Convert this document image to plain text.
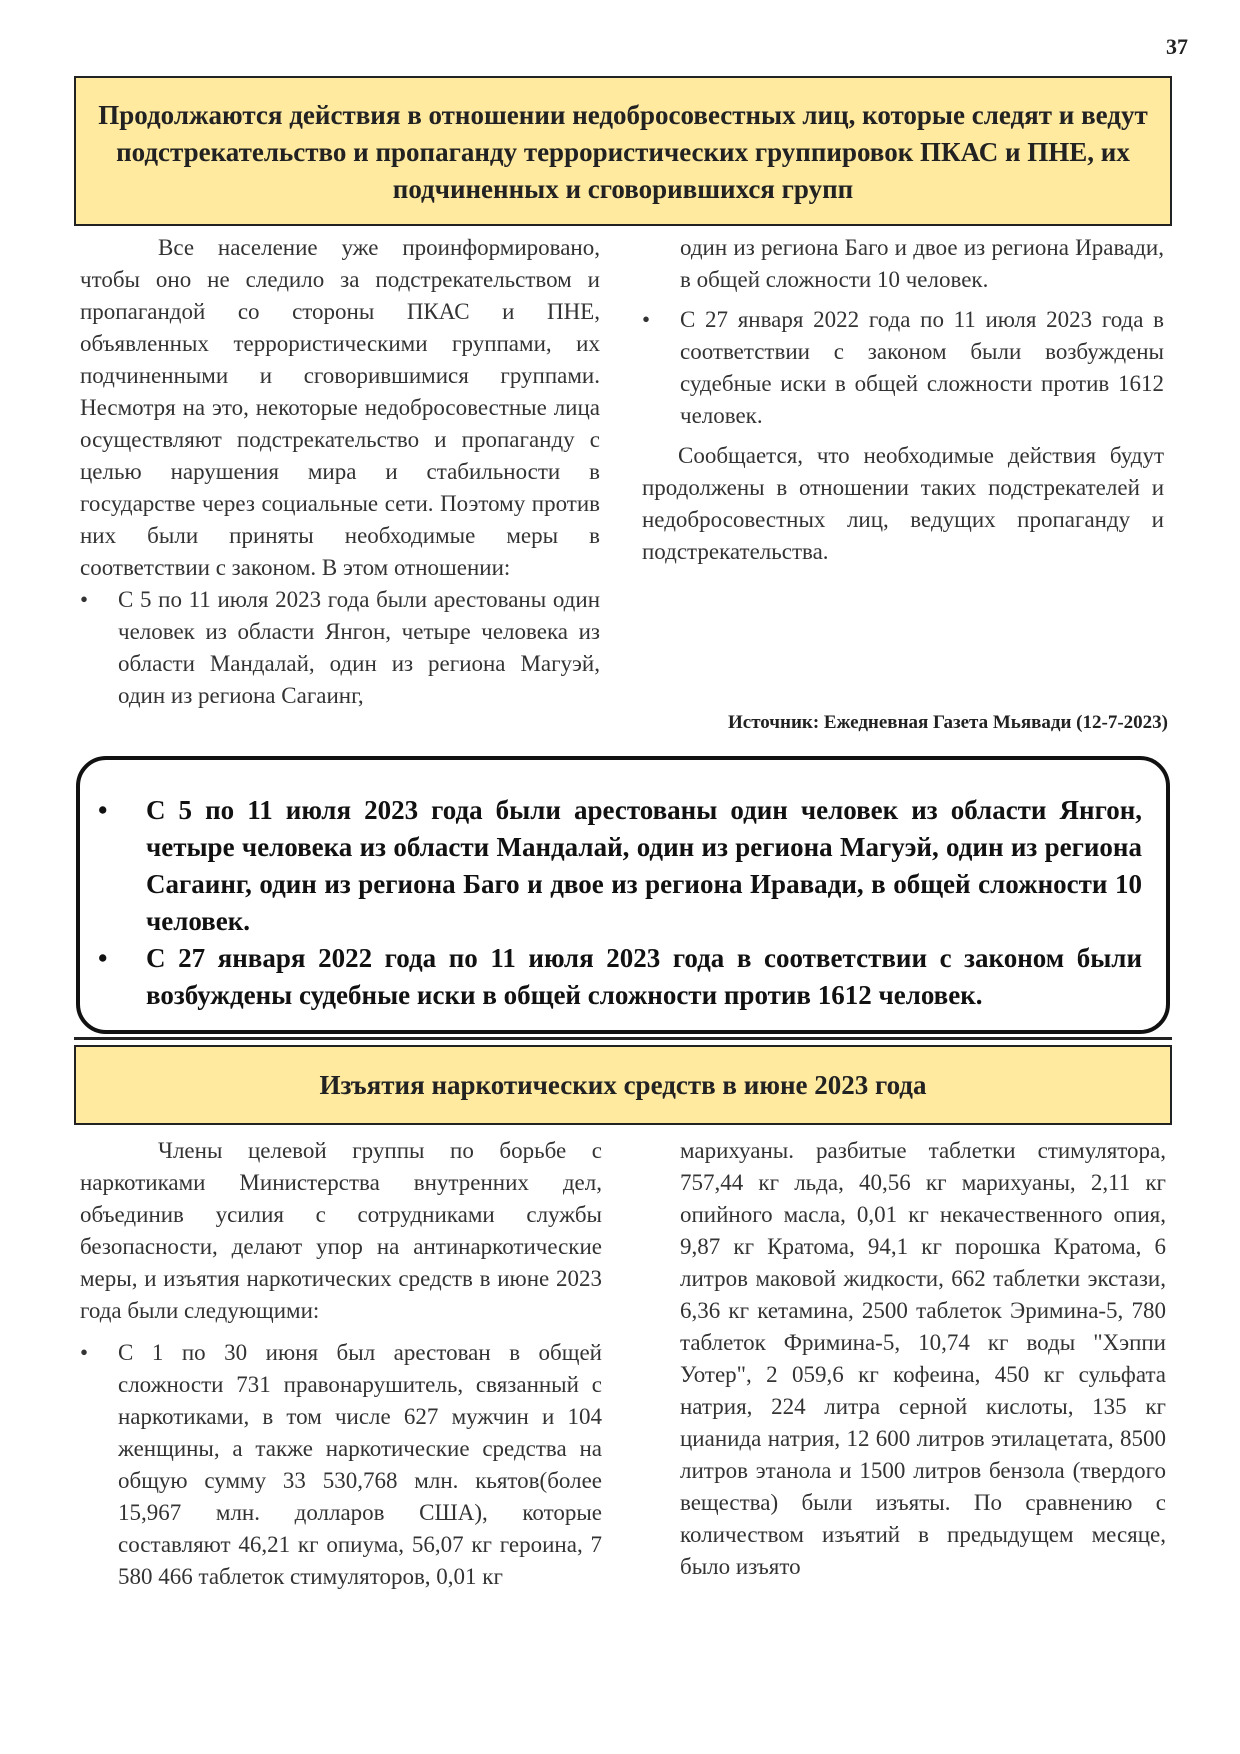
37
Продолжаются действия в отношении недобросовестных лиц, которые следят и ведут подстрекательство и пропаганду террористических группировок ПКАС и ПНЕ, их подчиненных и сговорившихся групп

Все население уже проинформировано, чтобы оно не следило за подстрекательством и пропагандой со стороны ПКАС и ПНЕ, объявленных террористическими группами, их подчиненными и сговорившимися группами. Несмотря на это, некоторые недобросовестные лица осуществляют подстрекательство и пропаганду с целью нарушения мира и стабильности в государстве через социальные сети. Поэтому против них были приняты необходимые меры в соответствии с законом. В этом отношении:

• С 5 по 11 июля 2023 года были арестованы один человек из области Янгон, четыре человека из области Мандалай, один из региона Магуэй, один из региона Сагаинг,

один из региона Баго и двое из региона Иравади, в общей сложности 10 человек.

• С 27 января 2022 года по 11 июля 2023 года в соответствии с законом были возбуждены судебные иски в общей сложности против 1612 человек.

Сообщается, что необходимые действия будут продолжены в отношении таких подстрекателей и недобросовестных лиц, ведущих пропаганду и подстрекательства.

Источник: Ежедневная Газета Мьявади (12-7-2023)

• С 5 по 11 июля 2023 года были арестованы один человек из области Янгон, четыре человека из области Мандалай, один из региона Магуэй, один из региона Сагаинг, один из региона Баго и двое из региона Иравади, в общей сложности 10 человек.

• С 27 января 2022 года по 11 июля 2023 года в соответствии с законом были возбуждены судебные иски в общей сложности против 1612 человек.

Изъятия наркотических средств в июне 2023 года

Члены целевой группы по борьбе с наркотиками Министерства внутренних дел, объединив усилия с сотрудниками службы безопасности, делают упор на антинаркотические меры, и изъятия наркотических средств в июне 2023 года были следующими:

• С 1 по 30 июня был арестован в общей сложности 731 правонарушитель, связанный с наркотиками, в том числе 627 мужчин и 104 женщины, а также наркотические средства на общую сумму 33 530,768 млн. кьятов(более 15,967 млн. долларов США), которые составляют 46,21 кг опиума, 56,07 кг героина, 7 580 466 таблеток стимуляторов, 0,01 кг

марихуаны. разбитые таблетки стимулятора, 757,44 кг льда, 40,56 кг марихуаны, 2,11 кг опийного масла, 0,01 кг некачественного опия, 9,87 кг Кратома, 94,1 кг порошка Кратома, 6 литров маковой жидкости, 662 таблетки экстази, 6,36 кг кетамина, 2500 таблеток Эримина-5, 780 таблеток Фримина-5, 10,74 кг воды "Хэппи Уотер", 2 059,6 кг кофеина, 450 кг сульфата натрия, 224 литра серной кислоты, 135 кг цианида натрия, 12 600 литров этилацетата, 8500 литров этанола и 1500 литров бензола (твердого вещества) были изъяты. По сравнению с количеством изъятий в предыдущем месяце, было изъято
